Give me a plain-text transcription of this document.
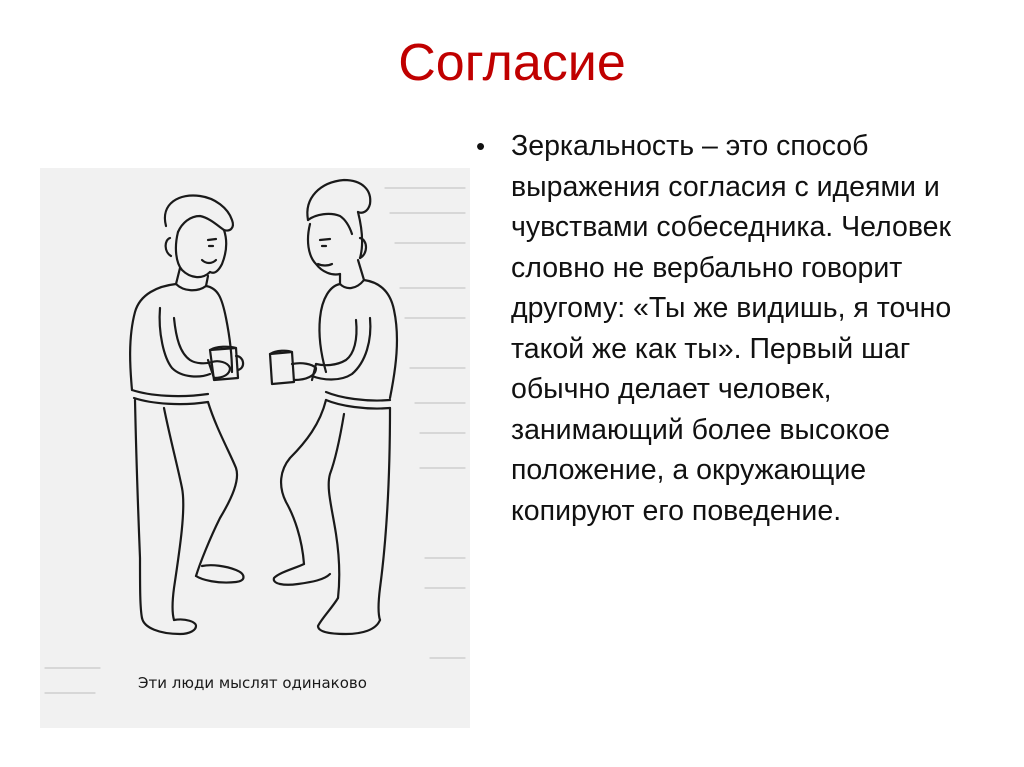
Согласие
Эти люди мыслят одинаково
• Зеркальность – это способ выражения согласия с идеями и чувствами собеседника. Человек словно не вербально говорит другому: «Ты же видишь, я точно такой же как ты». Первый шаг обычно делает человек, занимающий более высокое положение, а окружающие копируют его поведение.
